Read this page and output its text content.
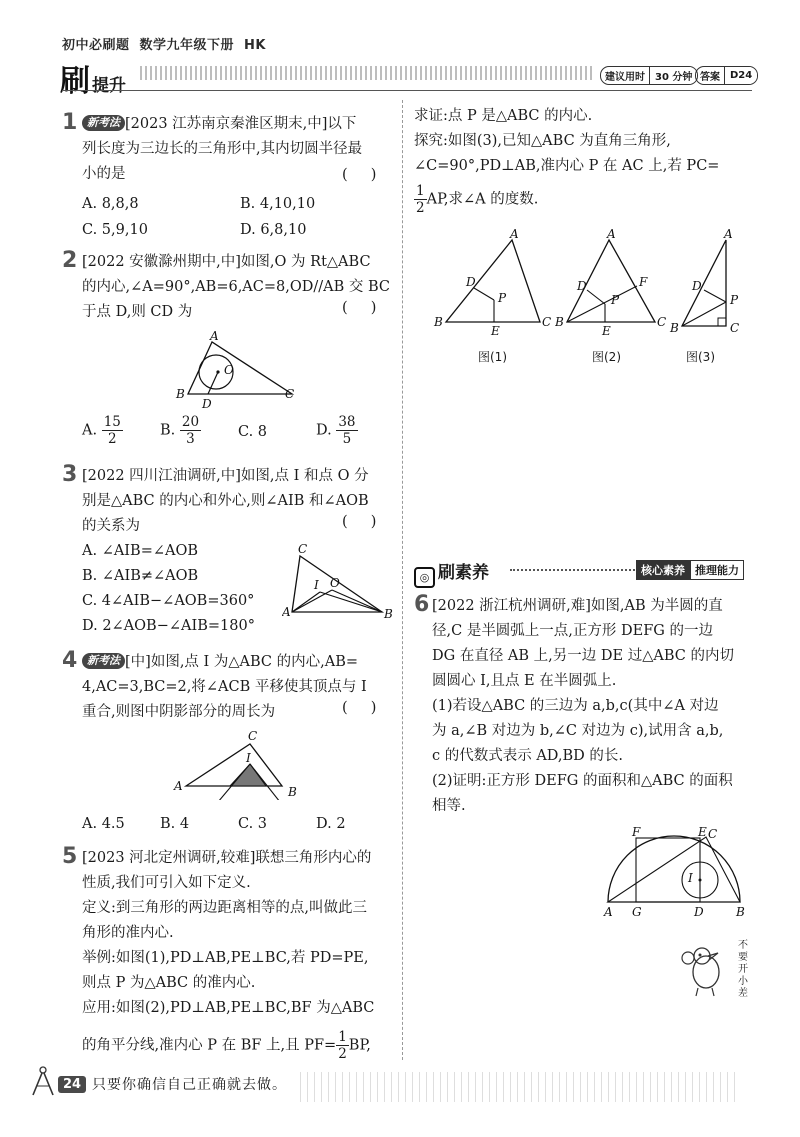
初中必刷题 数学九年级下册 HK
刷提升	建议用时	30 分钟 答案	D24
1 新考法 [2023 江苏南京秦淮区期末,中]以下
列长度为三边长的三角形中,其内切圆半径最
小的是	(     )
A. 8,8,8	B. 4,10,10
C. 5,9,10	D. 6,8,10
2 [2022 安徽滁州期中,中]如图,O 为 Rt△ABC
的内心,∠A=90°,AB=6,AC=8,OD//AB 交 BC
于点 D,则 CD 为	(     )
A
B	C
D
O
A. $\frac{15}{2}$	B. $\frac{20}{3}$	C. 8	D. $\frac{38}{5}$
3 [2022 四川江油调研,中]如图,点 I 和点 O 分
别是△ABC 的内心和外心,则∠AIB 和∠AOB
的关系为	(     )
A. ∠AIB=∠AOB
B. ∠AIB≠∠AOB
C. 4∠AIB−∠AOB=360°
D. 2∠AOB−∠AIB=180°
C
A	B
I O
4 新考法 [中]如图,点 I 为△ABC 的内心,AB=
4,AC=3,BC=2,将∠ACB 平移使其顶点与 I
重合,则图中阴影部分的周长为	(     )
C
A	B
I
A. 4.5 B. 4	C. 3	D. 2
5 [2023 河北定州调研,较难]联想三角形内心的
性质,我们可引入如下定义.
定义:到三角形的两边距离相等的点,叫做此三
角形的准内心.
举例:如图(1),PD⊥AB,PE⊥BC,若 PD=PE,
则点 P 为△ABC 的准内心.
应用:如图(2),PD⊥AB,PE⊥BC,BF 为△ABC
的角平分线,准内心 P 在 BF 上,且 $PF= \frac{1}{2}$ BP,
求证:点 P 是△ABC 的内心.
探究:如图(3),已知△ABC 为直角三角形,
∠C=90°,PD⊥AB,准内心 P 在 AC 上,若 PC=
$\frac{1}{2}$ AP,求∠A 的度数.
A
B	C
D
P
E
图(1)
A
B	C
D	F
P
E
图(2)
A
B	C
D
P
图(3)
◎ 刷素养	核心素养 推理能力
6 [2022 浙江杭州调研,难]如图,AB 为半圆的直
径,C 是半圆弧上一点,正方形 DEFG 的一边
DG 在直径 AB 上,另一边 DE 过△ABC 的内切
圆圆心 I,且点 E 在半圆弧上.
(1)若设△ABC 的三边为 a,b,c(其中∠A 对边
为 a,∠B 对边为 b,∠C 对边为 c),试用含 a,b,
c 的代数式表示 AD,BD 的长.
(2)证明:正方形 DEFG 的面积和△ABC 的面积
相等.
A G	D	B
F	E C
I
不要开小差
24 只要你确信自己正确就去做。
